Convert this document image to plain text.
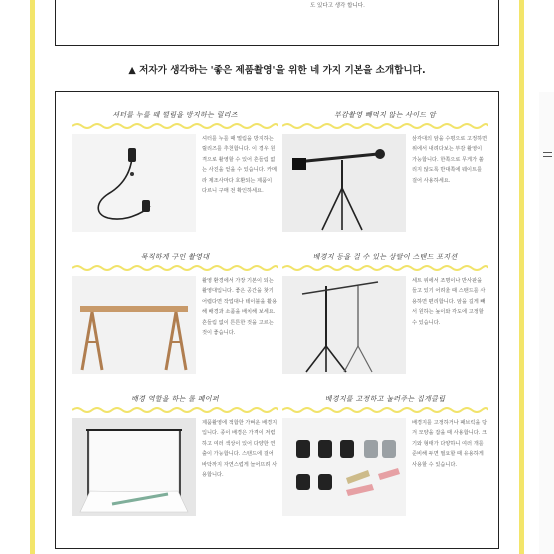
도 있다고 생각 합니다.
▲ 저자가 생각하는 '좋은 제품촬영'을 위한 네 가지 기본을 소개합니다.
셔터를 누를 때 떨림을 방지하는 릴리즈
셔터를 누를 때 떨림을 방지하는 릴리즈를 추천합니다. 이 경우 원격으로 촬영할 수 있어 흔들림 없는 사진을 얻을 수 있습니다. 카메라 제조사마다 호환되는 제품이 다르니 구매 전 확인하세요.
부감촬영 빼먹지 않는 사이드 암
삼각대의 암을 수평으로 고정하면 위에서 내려다보는 부감 촬영이 가능합니다. 한쪽으로 무게가 쏠리지 않도록 반대쪽에 웨이트를 걸어 사용하세요.
묵직하게 구인 촬영대
촬영 환경에서 가장 기본이 되는 촬영대입니다. 좋은 공간을 찾기 어렵다면 작업대나 테이블을 활용해 배경과 소품을 배치해 보세요. 흔들림 없이 튼튼한 것을 고르는 것이 좋습니다.
배경지 등을 걸 수 있는 상탈이 스탠드 포지션
세트 위에서 조명이나 반사판을 들고 있기 어려울 때 스탠드를 사용하면 편리합니다. 암을 길게 빼서 원하는 높이와 각도에 고정할 수 있습니다.
배경 역할을 하는 롤 페이퍼
제품촬영에 적합한 가벼운 배경지입니다. 종이 배경은 가격이 저렴하고 여러 색상이 있어 다양한 연출이 가능합니다. 스탠드에 걸어 바닥까지 자연스럽게 늘어뜨려 사용합니다.
배경지를 고정하고 눌러주는 집게클립
배경지를 고정하거나 패브릭을 당겨 모양을 잡을 때 사용합니다. 크기와 형태가 다양하니 여러 개를 준비해 두면 필요할 때 유용하게 사용할 수 있습니다.
